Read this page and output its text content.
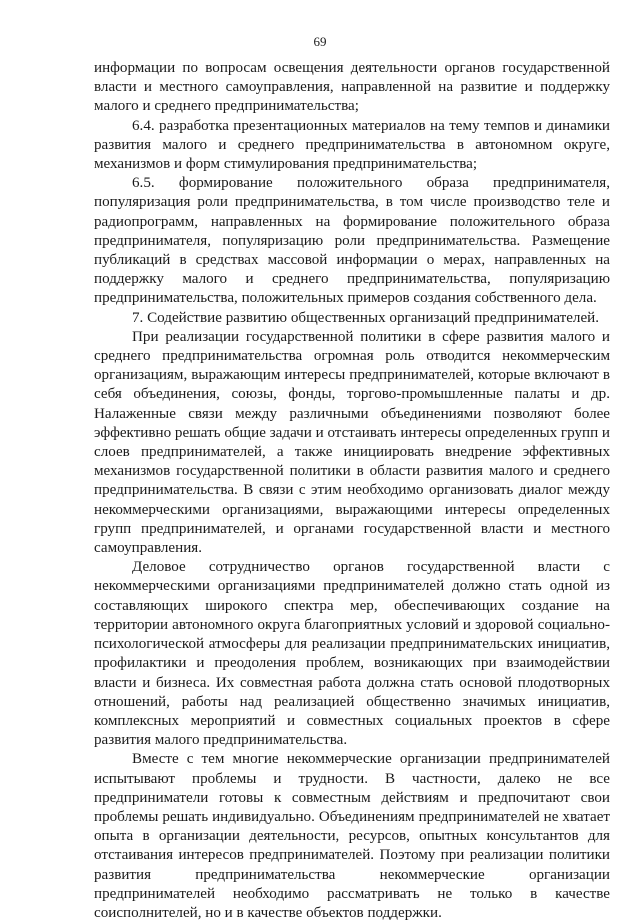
69

информации по вопросам освещения деятельности органов государственной власти и местного самоуправления, направленной на развитие и поддержку малого и среднего предпринимательства;

6.4. разработка презентационных материалов на тему темпов и динамики развития малого и среднего предпринимательства в автономном округе, механизмов и форм стимулирования предпринимательства;

6.5. формирование положительного образа предпринимателя, популяризация роли предпринимательства, в том числе производство теле и радиопрограмм, направленных на формирование положительного образа предпринимателя, популяризацию роли предпринимательства. Размещение публикаций в средствах массовой информации о мерах, направленных на поддержку малого и среднего предпринимательства, популяризацию предпринимательства, положительных примеров создания собственного дела.

7. Содействие развитию общественных организаций предпринимателей.

При реализации государственной политики в сфере развития малого и среднего предпринимательства огромная роль отводится некоммерческим организациям, выражающим интересы предпринимателей, которые включают в себя объединения, союзы, фонды, торгово-промышленные палаты и др. Налаженные связи между различными объединениями позволяют более эффективно решать общие задачи и отстаивать интересы определенных групп и слоев предпринимателей, а также инициировать внедрение эффективных механизмов государственной политики в области развития малого и среднего предпринимательства. В связи с этим необходимо организовать диалог между некоммерческими организациями, выражающими интересы определенных групп предпринимателей, и органами государственной власти и местного самоуправления.

Деловое сотрудничество органов государственной власти с некоммерческими организациями предпринимателей должно стать одной из составляющих широкого спектра мер, обеспечивающих создание на территории автономного округа благоприятных условий и здоровой социально-психологической атмосферы для реализации предпринимательских инициатив, профилактики и преодоления проблем, возникающих при взаимодействии власти и бизнеса. Их совместная работа должна стать основой плодотворных отношений, работы над реализацией общественно значимых инициатив, комплексных мероприятий и совместных социальных проектов в сфере развития малого предпринимательства.

Вместе с тем многие некоммерческие организации предпринимателей испытывают проблемы и трудности. В частности, далеко не все предприниматели готовы к совместным действиям и предпочитают свои проблемы решать индивидуально. Объединениям предпринимателей не хватает опыта в организации деятельности, ресурсов, опытных консультантов для отстаивания интересов предпринимателей. Поэтому при реализации политики развития предпринимательства некоммерческие организации предпринимателей необходимо рассматривать не только в качестве соисполнителей, но и в качестве объектов поддержки.
